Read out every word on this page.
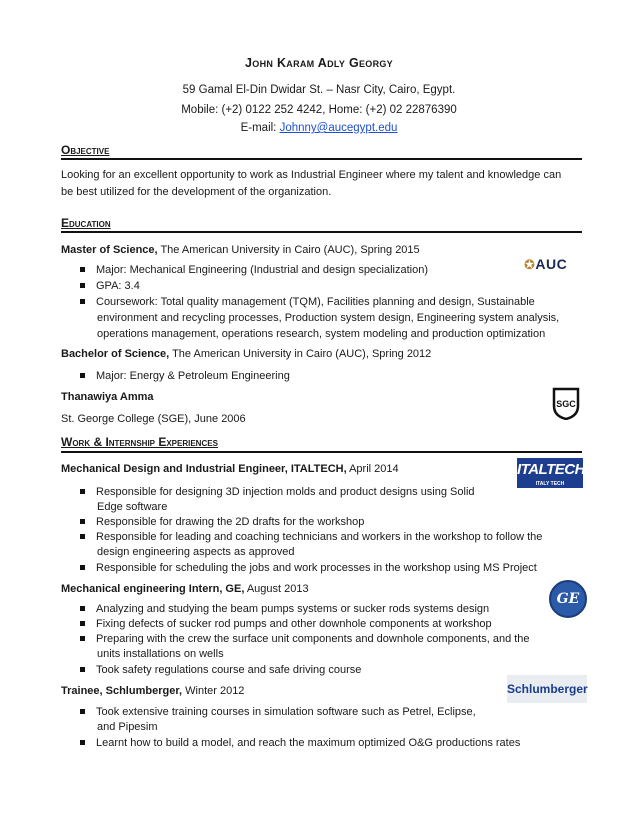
John Karam Adly Georgy
59 Gamal El-Din Dwidar St. – Nasr City, Cairo, Egypt.
Mobile: (+2) 0122 252 4242, Home: (+2) 02 22876390
E-mail: Johnny@aucegypt.edu
Objective
Looking for an excellent opportunity to work as Industrial Engineer where my talent and knowledge can be best utilized for the development of the organization.
Education
Master of Science, The American University in Cairo (AUC), Spring 2015
✪AUC
Major: Mechanical Engineering (Industrial and design specialization)
GPA: 3.4
Coursework: Total quality management (TQM), Facilities planning and design, Sustainable
environment and recycling processes, Production system design, Engineering system analysis,
operations management, operations research, system modeling and production optimization
Bachelor of Science, The American University in Cairo (AUC), Spring 2012
Major: Energy & Petroleum Engineering
Thanawiya Amma
St. George College (SGE), June 2006
SGC
Work & Internship Experiences
Mechanical Design and Industrial Engineer, ITALTECH, April 2014	ITALTECH
ITALY TECH
Responsible for designing 3D injection molds and product designs using Solid
Edge software
Responsible for drawing the 2D drafts for the workshop
Responsible for leading and coaching technicians and workers in the workshop to follow the
design engineering aspects as approved
Responsible for scheduling the jobs and work processes in the workshop using MS Project
Mechanical engineering Intern, GE, August 2013
GE
Analyzing and studying the beam pumps systems or sucker rods systems design
Fixing defects of sucker rod pumps and other downhole components at workshop
Preparing with the crew the surface unit components and downhole components, and the
units installations on wells
Took safety regulations course and safe driving course
Trainee, Schlumberger, Winter 2012	Schlumberger
Took extensive training courses in simulation software such as Petrel, Eclipse,
and Pipesim
Learnt how to build a model, and reach the maximum optimized O&G productions rates
